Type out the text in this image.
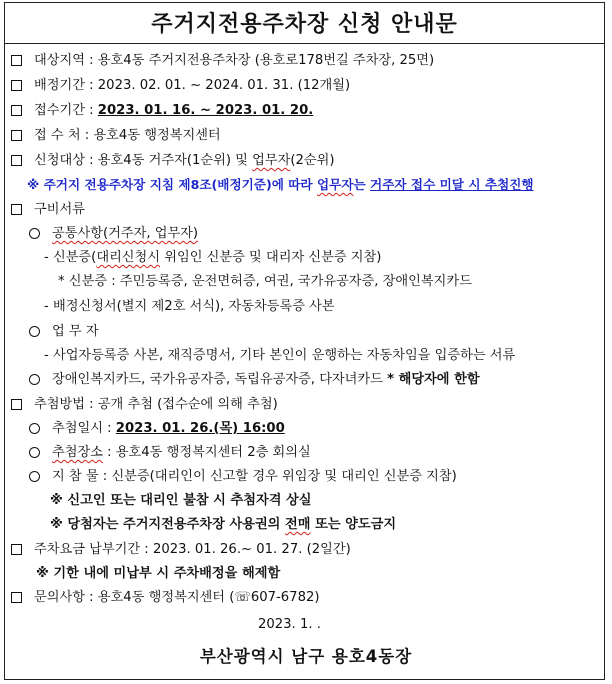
주거지전용주차장 신청 안내문
대상지역 : 용호4동 주거지전용주차장 (용호로178번길 주차장, 25면)
배정기간 : 2023. 02. 01. ~ 2024. 01. 31. (12개월)
접수기간 : 2023. 01. 16. ~ 2023. 01. 20.
접 수 처 : 용호4동 행정복지센터
신청대상 : 용호4동 거주자(1순위) 및 업무자(2순위)
※ 주거지 전용주차장 지침 제8조(배정기준)에 따라 업무자는 거주자 접수 미달 시 추첨진행
구비서류
공통사항(거주자, 업무자)
- 신분증(대리신청시 위임인 신분증 및 대리자 신분증 지참)
* 신분증 : 주민등록증, 운전면허증, 여권, 국가유공자증, 장애인복지카드
- 배정신청서(별지 제2호 서식), 자동차등록증 사본
업 무 자
- 사업자등록증 사본, 재직증명서, 기타 본인이 운행하는 자동차임을 입증하는 서류
장애인복지카드, 국가유공자증, 독립유공자증, 다자녀카드 * 해당자에 한함
추첨방법 : 공개 추첨 (접수순에 의해 추첨)
추첨일시 : 2023. 01. 26.(목) 16:00
추첨장소 : 용호4동 행정복지센터 2층 회의실
지 참 물 : 신분증(대리인이 신고할 경우 위임장 및 대리인 신분증 지참)
※ 신고인 또는 대리인 불참 시 추첨자격 상실
※ 당첨자는 주거지전용주차장 사용권의 전매 또는 양도금지
주차요금 납부기간 : 2023. 01. 26.~ 01. 27. (2일간)
※ 기한 내에 미납부 시 주차배정을 해제함
문의사항 : 용호4동 행정복지센터 (☏607-6782)
2023. 1. .
부산광역시 남구 용호4동장
